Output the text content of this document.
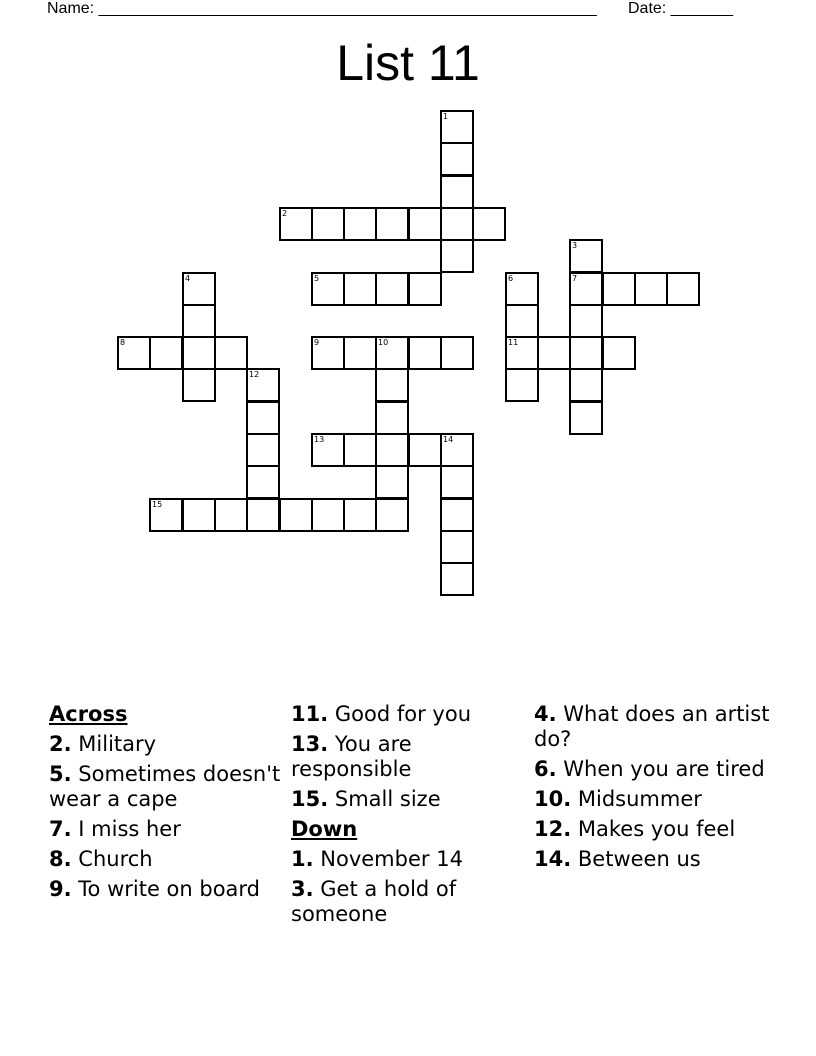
Name: ________________________________________________________ Date: _______
List 11
1
2
3
7
4	5	6
11
8	9	10
12
13	14
15
Across
2. Military
5. Sometimes doesn't wear a cape
7. I miss her
8. Church
9. To write on board
11. Good for you
13. You are responsible
15. Small size
Down
1. November 14
3. Get a hold of someone
4. What does an artist do?
6. When you are tired
10. Midsummer
12. Makes you feel
14. Between us
